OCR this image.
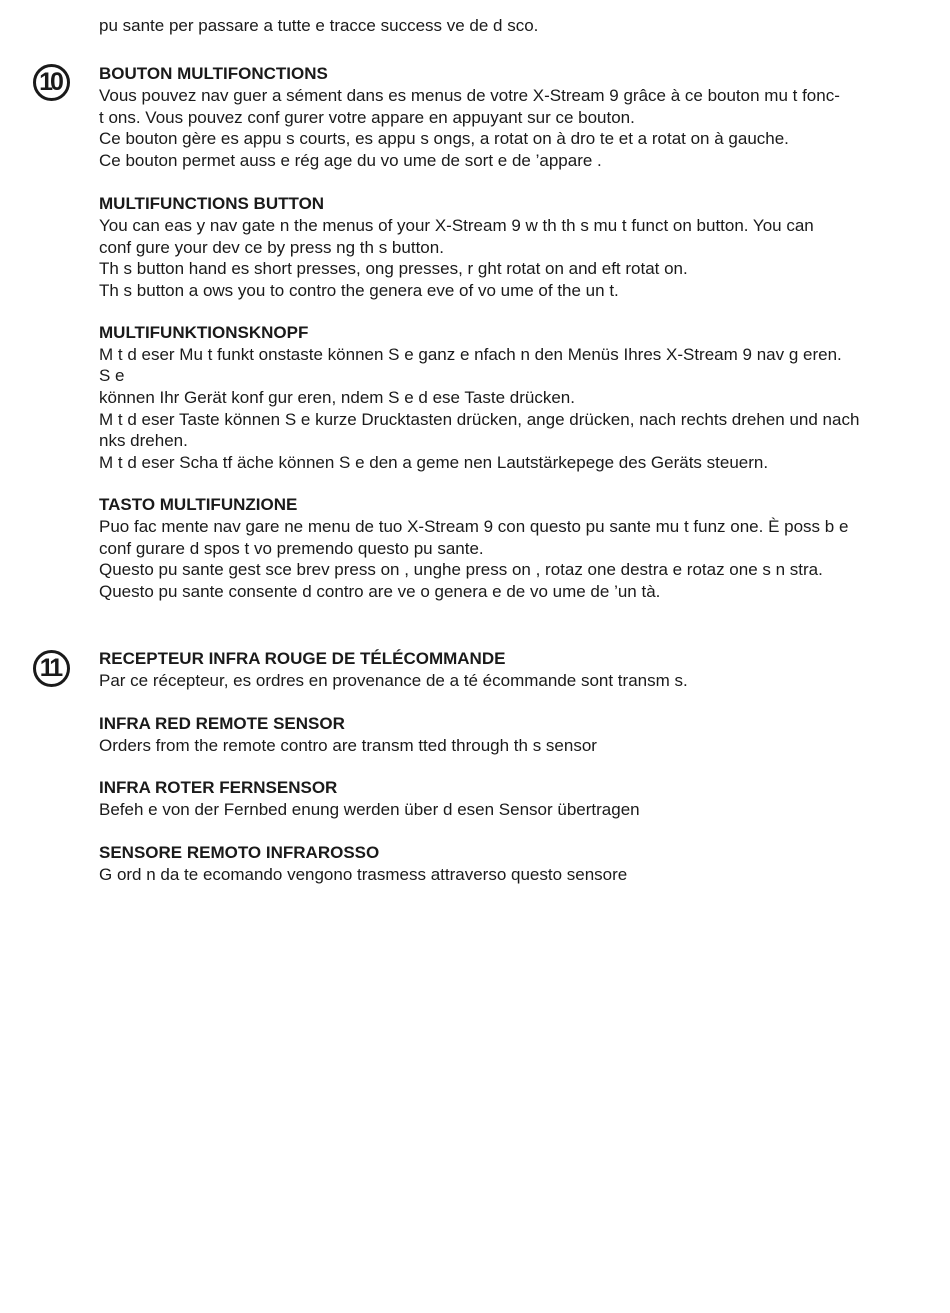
pu sante per passare a tutte e tracce success ve de d sco.

10	BOUTON MULTIFONCTIONS

Vous pouvez nav guer a sément dans es menus de votre X-Stream 9 grâce à ce bouton mu t fonc-

t ons. Vous pouvez conf gurer votre appare en appuyant sur ce bouton.

Ce bouton gère es appu s courts, es appu s ongs, a rotat on à dro te et a rotat on à gauche.

Ce bouton permet auss e rég age du vo ume de sort e de ’appare .

MULTIFUNCTIONS BUTTON

You can eas y nav gate n the menus of your X-Stream 9 w th th s mu t funct on button. You can

conf gure your dev ce by press ng th s button.

Th s button hand es short presses, ong presses, r ght rotat on and eft rotat on.

Th s button a ows you to contro the genera eve of vo ume of the un t.

MULTIFUNKTIONSKNOPF

M t d eser Mu t funkt onstaste können S e ganz e nfach n den Menüs Ihres X-Stream 9 nav g eren.

S e

können Ihr Gerät konf gur eren, ndem S e d ese Taste drücken.

M t d eser Taste können S e kurze Drucktasten drücken, ange drücken, nach rechts drehen und nach

nks drehen.

M t d eser Scha tf äche können S e den a geme nen Lautstärkepege des Geräts steuern.

TASTO MULTIFUNZIONE

Puo fac mente nav gare ne menu de tuo X-Stream 9 con questo pu sante mu t funz one. È poss b e

conf gurare d spos t vo premendo questo pu sante.

Questo pu sante gest sce brev press on , unghe press on , rotaz one destra e rotaz one s n stra.

Questo pu sante consente d contro are ve o genera e de vo ume de ’un tà.

11	RECEPTEUR INFRA ROUGE DE TÉLÉCOMMANDE

Par ce récepteur, es ordres en provenance de a té écommande sont transm s.

INFRA RED REMOTE SENSOR

Orders from the remote contro are transm tted through th s sensor

INFRA ROTER FERNSENSOR

Befeh e von der Fernbed enung werden über d esen Sensor übertragen

SENSORE REMOTO INFRAROSSO

G ord n da te ecomando vengono trasmess attraverso questo sensore
